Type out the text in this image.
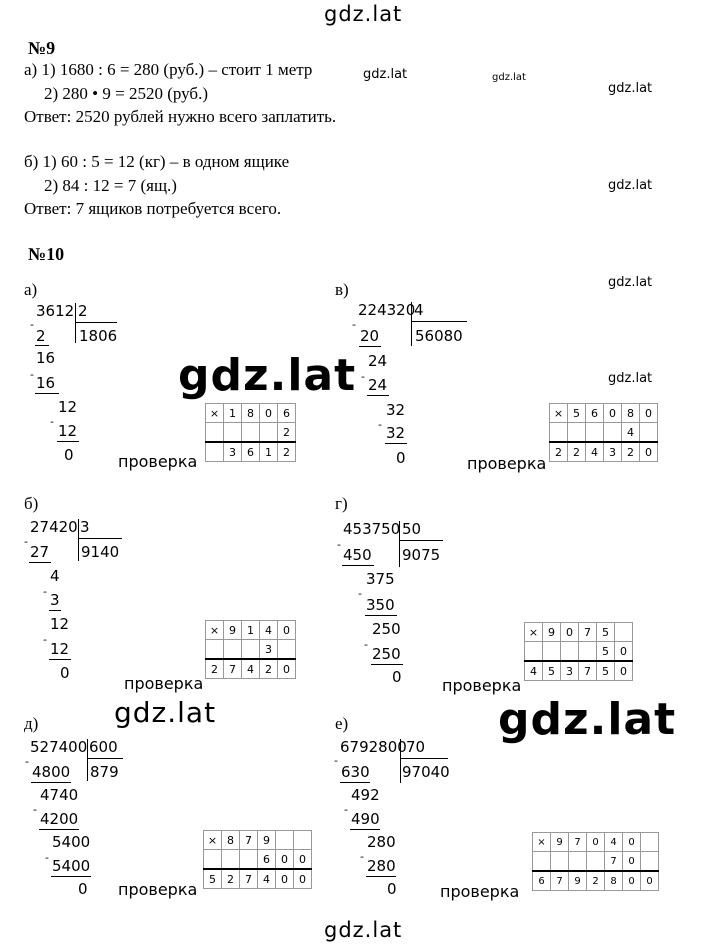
gdz.lat
gdz.lat	gdz.lat
gdz.lat
gdz.lat
gdz.lat
gdz.lat
gdz.lat
gdz.lat	gdz.lat
gdz.lat
№9
а) 1) 1680 : 6 = 280 (руб.) – стоит 1 метр
2) 280 • 9 = 2520 (руб.)
Ответ: 2520 рублей нужно всего заплатить.
б) 1) 60 : 5 = 12 (кг) – в одном ящике
2) 84 : 12 = 7 (ящ.)
Ответ: 7 ящиков потребуется всего.
№10
а)
3612 2
1806
-
2
16
- 16
12
-
12
0	проверка
×	1	8	0	6
				2
	3	6	1	2
в)
224320
4
56080
-
20
24
- 24
32
- 32
0	проверка
×	5	6	0	8	0
				4	
2	2	4	3	2	0
б)
27420 3
9140
-
27
4
- 3
12
-
12
0
проверка
×	9	1	4	0
			3	
2	7	4	2	0
г)
453750 50
9075
-
450
375
-
350
250
-
250
0	проверка
×	9	0	7	5	
				5	0
4	5	3	7	5	0
д)
527400 600
879
-
4800
4740
-
4200
5400
- 5400
0 проверка
×	8	7	9		
			6	0	0
5	2	7	4	0	0
е)
6792800 70
97040
-
630
492
-
490
280
-
280
0	проверка
×	9	7	0	4	0	
				7	0	
6	7	9	2	8	0	0
